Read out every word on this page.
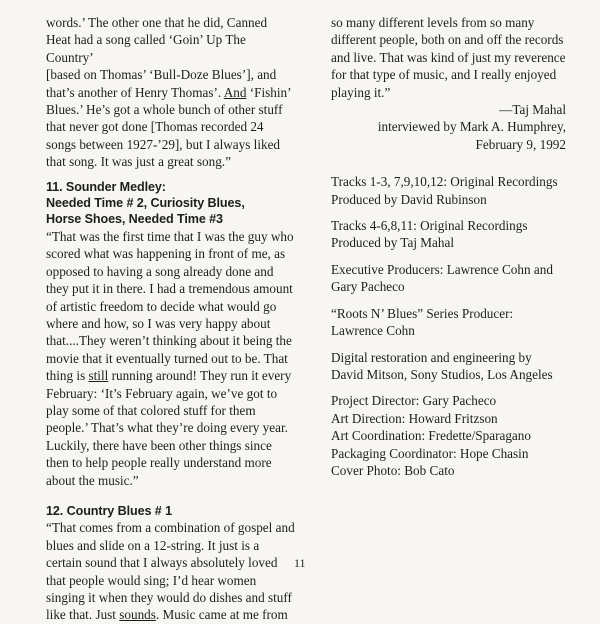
words.’ The other one that he did, Canned
Heat had a song called ‘Goin’ Up The Country’
[based on Thomas’ ‘Bull-Doze Blues’], and
that’s another of Henry Thomas’. And ‘Fishin’
Blues.’ He’s got a whole bunch of other stuff
that never got done [Thomas recorded 24
songs between 1927-’29], but I always liked
that song. It was just a great song.”

11. Sounder Medley:
Needed Time # 2, Curiosity Blues,
Horse Shoes, Needed Time #3

“That was the first time that I was the guy who scored what was happening in front of me, as opposed to having a song already done and they put it in there. I had a tremendous amount of artistic freedom to decide what would go where and how, so I was very happy about that....They weren’t thinking about it being the movie that it eventually turned out to be. That thing is still running around! They run it every February: ‘It’s February again, we’ve got to play some of that colored stuff for them people.’ That’s what they’re doing every year. Luckily, there have been other things since then to help people really understand more about the music.”

12. Country Blues # 1

“That comes from a combination of gospel and blues and slide on a 12-string. It just is a certain sound that I always absolutely loved that people would sing; I’d hear women singing it when they would do dishes and stuff like that. Just sounds. Music came at me from

so many different levels from so many different people, both on and off the records and live. That was kind of just my reverence for that type of music, and I really enjoyed playing it.”

—Taj Mahal
interviewed by Mark A. Humphrey,
February 9, 1992
Tracks 1-3, 7,9,10,12: Original Recordings Produced by David Rubinson
Tracks 4-6,8,11: Original Recordings Produced by Taj Mahal
Executive Producers: Lawrence Cohn and Gary Pacheco
“Roots N’ Blues” Series Producer: Lawrence Cohn
Digital restoration and engineering by David Mitson, Sony Studios, Los Angeles
Project Director: Gary Pacheco
Art Direction: Howard Fritzson
Art Coordination: Fredette/Sparagano
Packaging Coordinator: Hope Chasin
Cover Photo: Bob Cato
11
